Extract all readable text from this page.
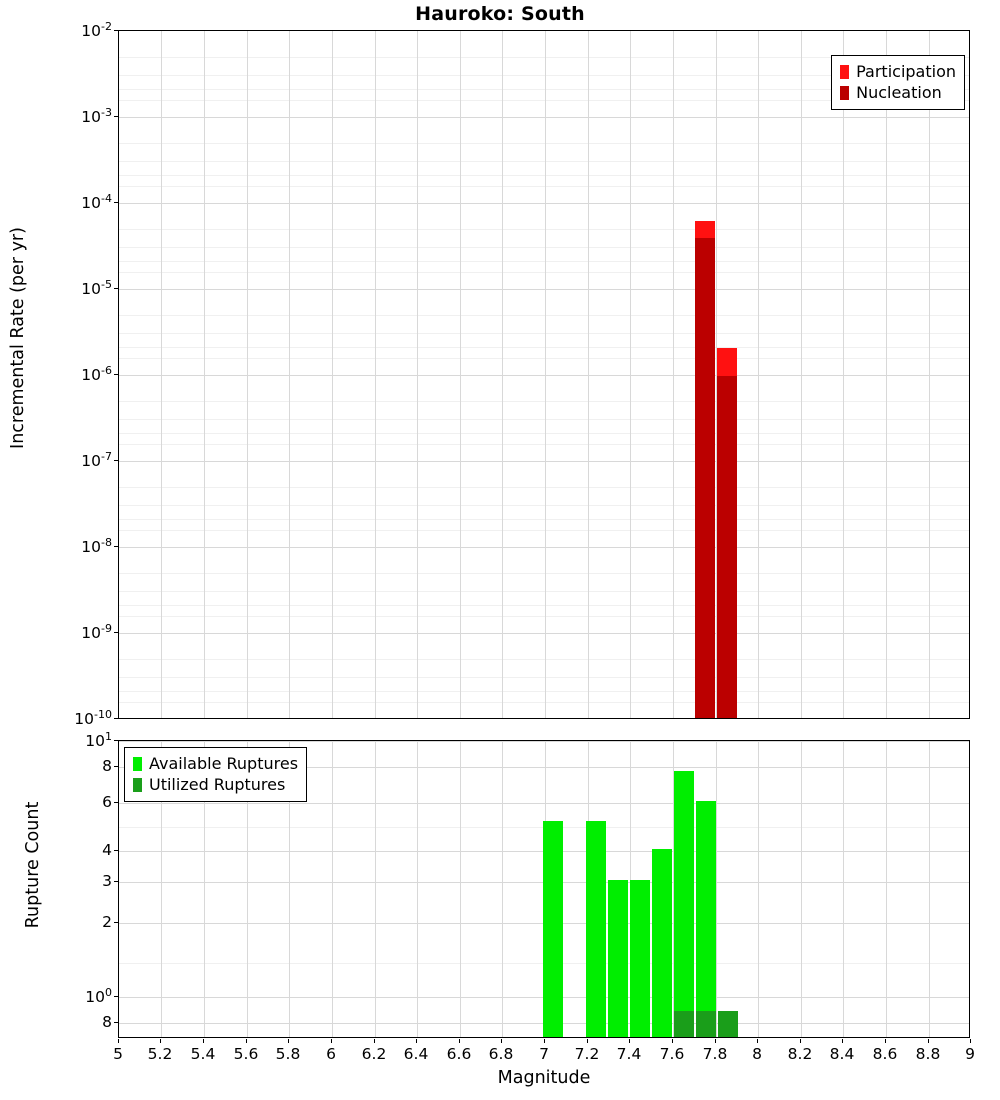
Hauroko: South
Participation
Nucleation
$10^{-2}$
$10^{-3}$
$10^{-4}$
$10^{-5}$
$10^{-6}$
$10^{-7}$
$10^{-8}$
$10^{-9}$
$10^{-10}$
Incremental Rate (per yr)
Available Ruptures
Utilized Ruptures
$10^1$
8
6
4
3
2
$10^0$
8
Rupture Count
5 5.2 5.4 5.6 5.8 6 6.2 6.4 6.6 6.8 7 7.2 7.4 7.6 7.8 8 8.2 8.4 8.6 8.8 9
Magnitude
